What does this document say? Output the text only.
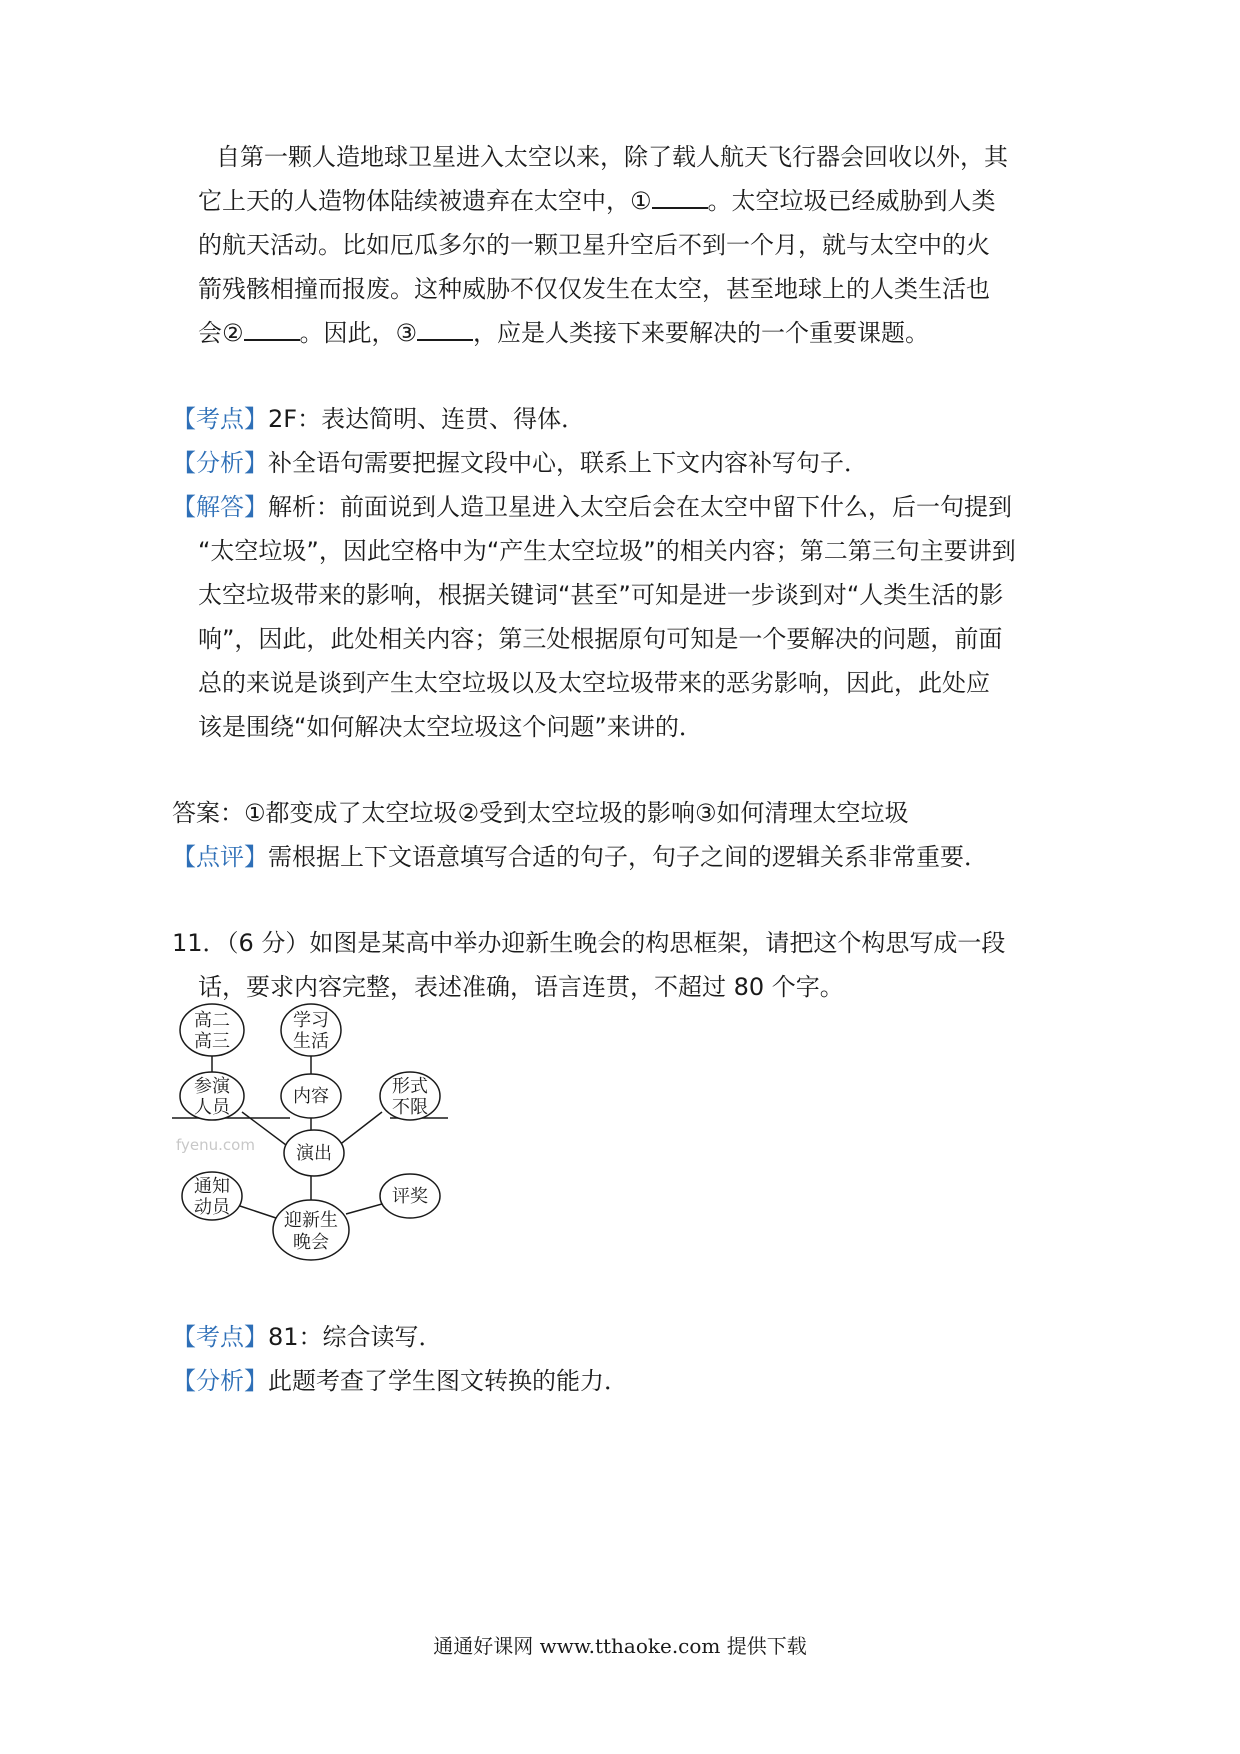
自第一颗人造地球卫星进入太空以来，除了载人航天飞行器会回收以外，其
它上天的人造物体陆续被遗弃在太空中，① 。太空垃圾已经威胁到人类
的航天活动。比如厄瓜多尔的一颗卫星升空后不到一个月，就与太空中的火
箭残骸相撞而报废。这种威胁不仅仅发生在太空，甚至地球上的人类生活也
会② 。因此，③ ，应是人类接下来要解决的一个重要课题。
【考点】2F：表达简明、连贯、得体．
【分析】补全语句需要把握文段中心，联系上下文内容补写句子．
【解答】解析：前面说到人造卫星进入太空后会在太空中留下什么，后一句提到
“太空垃圾”，因此空格中为“产生太空垃圾”的相关内容；第二第三句主要讲到
太空垃圾带来的影响，根据关键词“甚至”可知是进一步谈到对“人类生活的影
响”，因此，此处相关内容；第三处根据原句可知是一个要解决的问题，前面
总的来说是谈到产生太空垃圾以及太空垃圾带来的恶劣影响，因此，此处应
该是围绕“如何解决太空垃圾这个问题”来讲的．
答案：①都变成了太空垃圾②受到太空垃圾的影响③如何清理太空垃圾
【点评】需根据上下文语意填写合适的句子，句子之间的逻辑关系非常重要．
11．（6 分）如图是某高中举办迎新生晚会的构思框架，请把这个构思写成一段
话，要求内容完整，表述准确，语言连贯，不超过 80 个字。
高二
高三
学习
生活
参演
人员
内容	形式
不限
演出
通知
动员
评奖
迎新生
晚会
fyenu.com
【考点】81：综合读写．
【分析】此题考查了学生图文转换的能力．
通通好课网 www.tthaoke.com 提供下载
